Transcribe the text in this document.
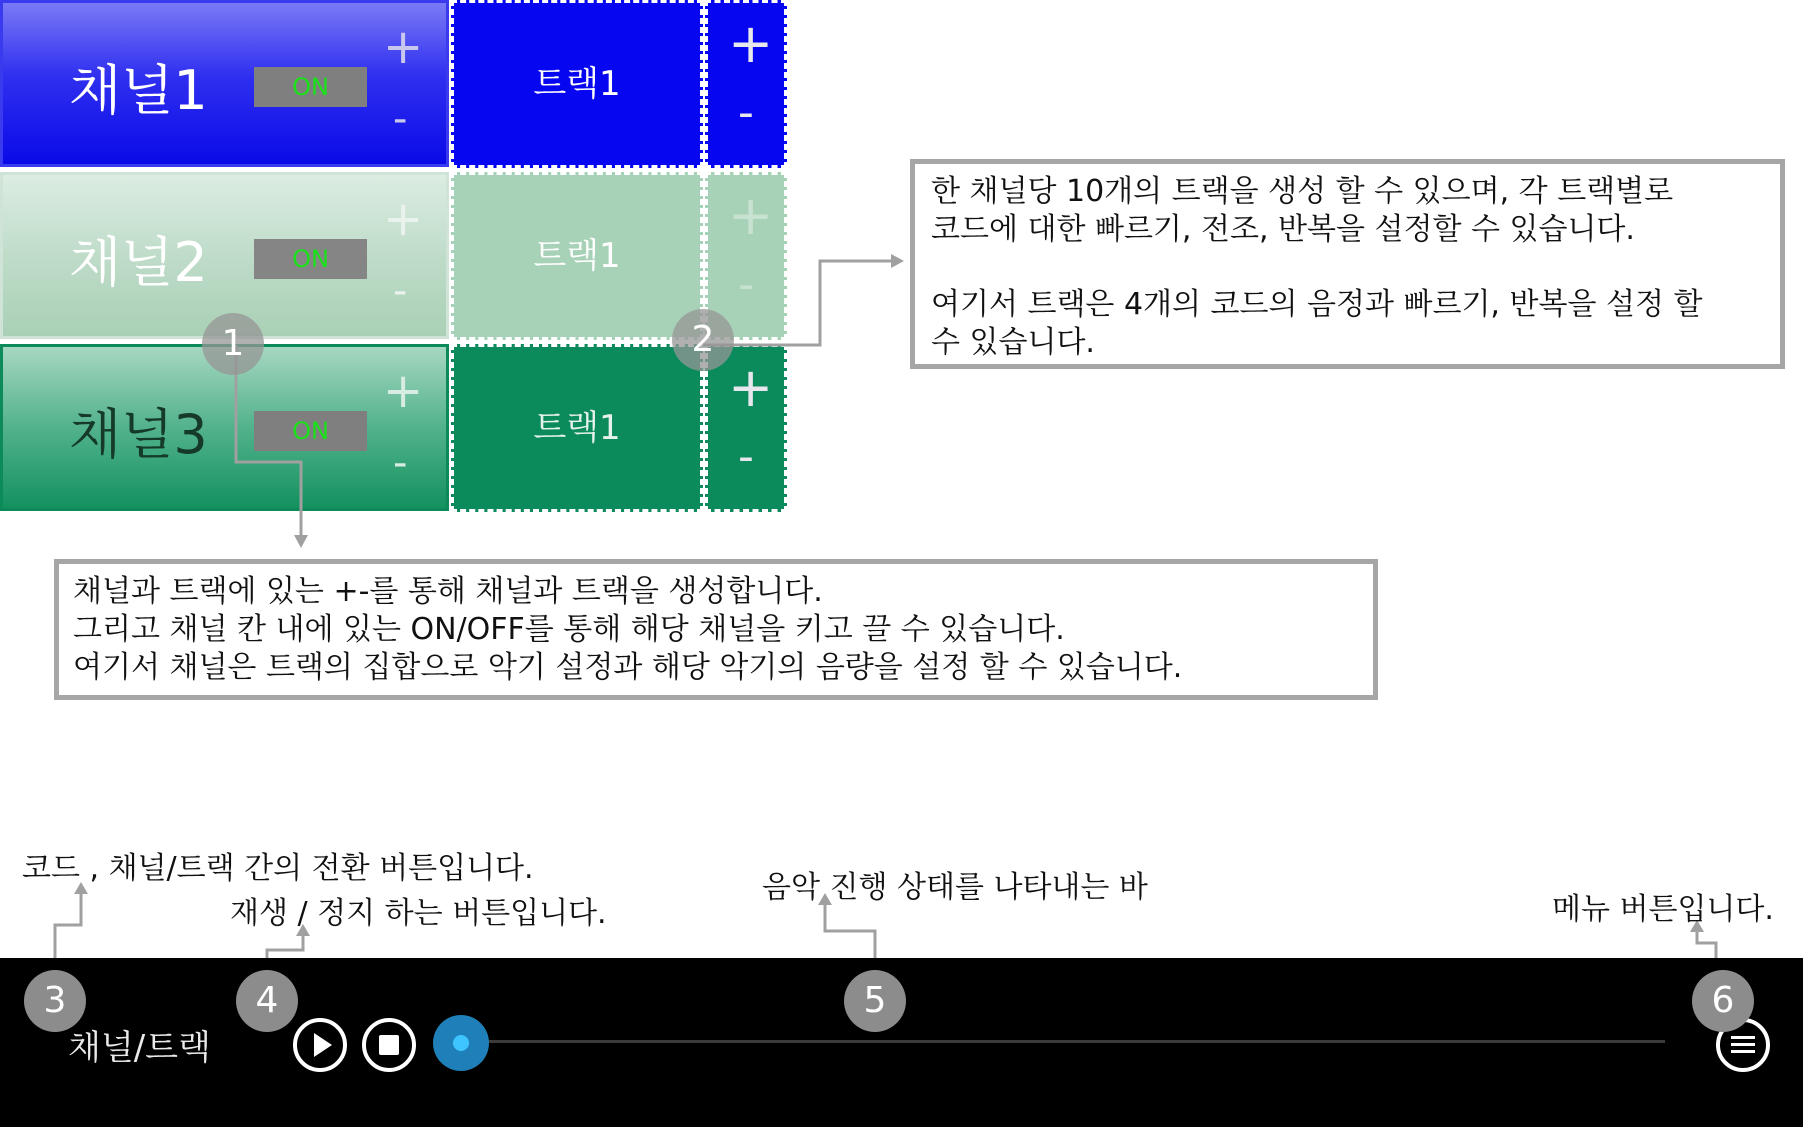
채널1	ON
+
-
채널2	ON
+
-
채널3	ON
+
-
트랙1
트랙1
트랙1
+
-
+
-
+
-

한 채널당 10개의 트랙을 생성 할 수 있으며, 각 트랙별로

코드에 대한 빠르기, 전조, 반복을 설정할 수 있습니다.

여기서 트랙은 4개의 코드의 음정과 빠르기, 반복을 설정 할

수 있습니다.

채널과 트랙에 있는 +-를 통해 채널과 트랙을 생성합니다.

그리고 채널 칸 내에 있는 ON/OFF를 통해 해당 채널을 키고 끌 수 있습니다.

여기서 채널은 트랙의 집합으로 악기 설정과 해당 악기의 음량을 설정 할 수 있습니다.

코드 , 채널/트랙 간의 전환 버튼입니다.
재생 / 정지 하는 버튼입니다.
음악 진행 상태를 나타내는 바
메뉴 버튼입니다.
채널/트랙
1	2
3	4	5	6
